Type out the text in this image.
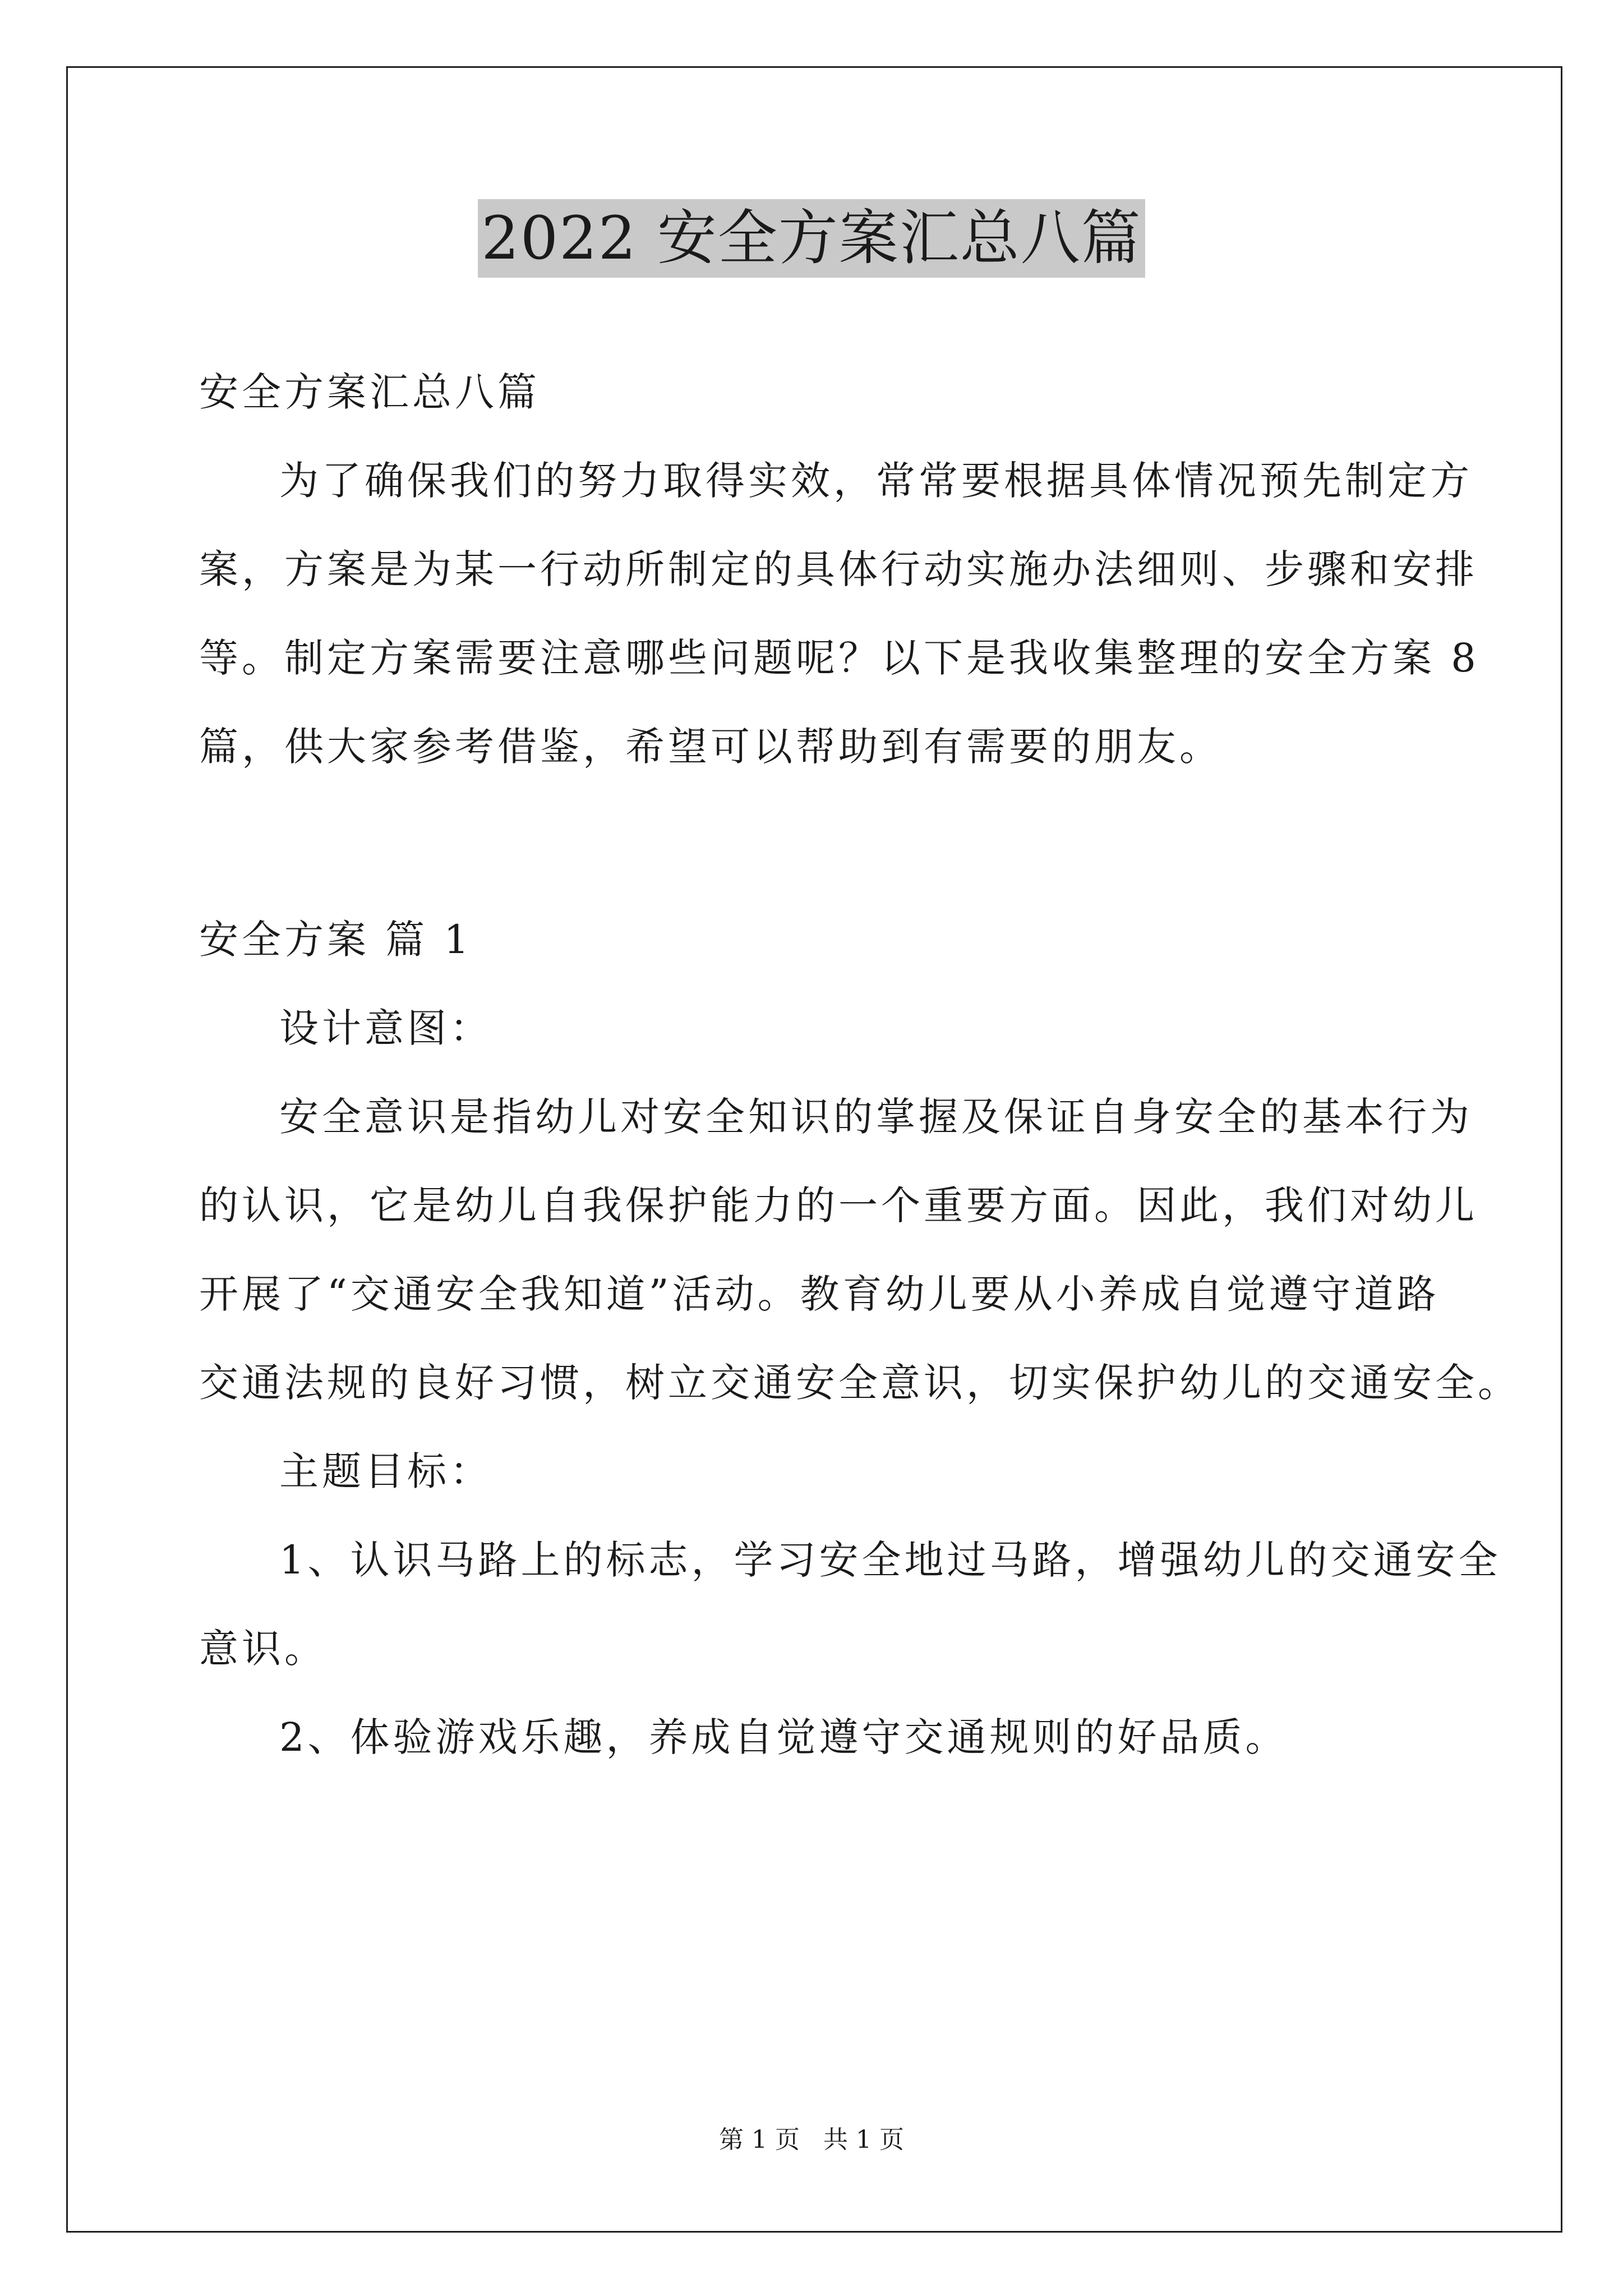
2022 安全方案汇总八篇
安全方案汇总八篇
为了确保我们的努力取得实效，常常要根据具体情况预先制定方
案，方案是为某一行动所制定的具体行动实施办法细则、步骤和安排
等。制定方案需要注意哪些问题呢？以下是我收集整理的安全方案 8
篇，供大家参考借鉴，希望可以帮助到有需要的朋友。
安全方案 篇 1
设计意图：
安全意识是指幼儿对安全知识的掌握及保证自身安全的基本行为
的认识，它是幼儿自我保护能力的一个重要方面。因此，我们对幼儿
开展了“交通安全我知道”活动。教育幼儿要从小养成自觉遵守道路
交通法规的良好习惯，树立交通安全意识，切实保护幼儿的交通安全。
主题目标：
1、认识马路上的标志，学习安全地过马路，增强幼儿的交通安全
意识。
2、体验游戏乐趣，养成自觉遵守交通规则的好品质。
第 1 页 共 1 页
